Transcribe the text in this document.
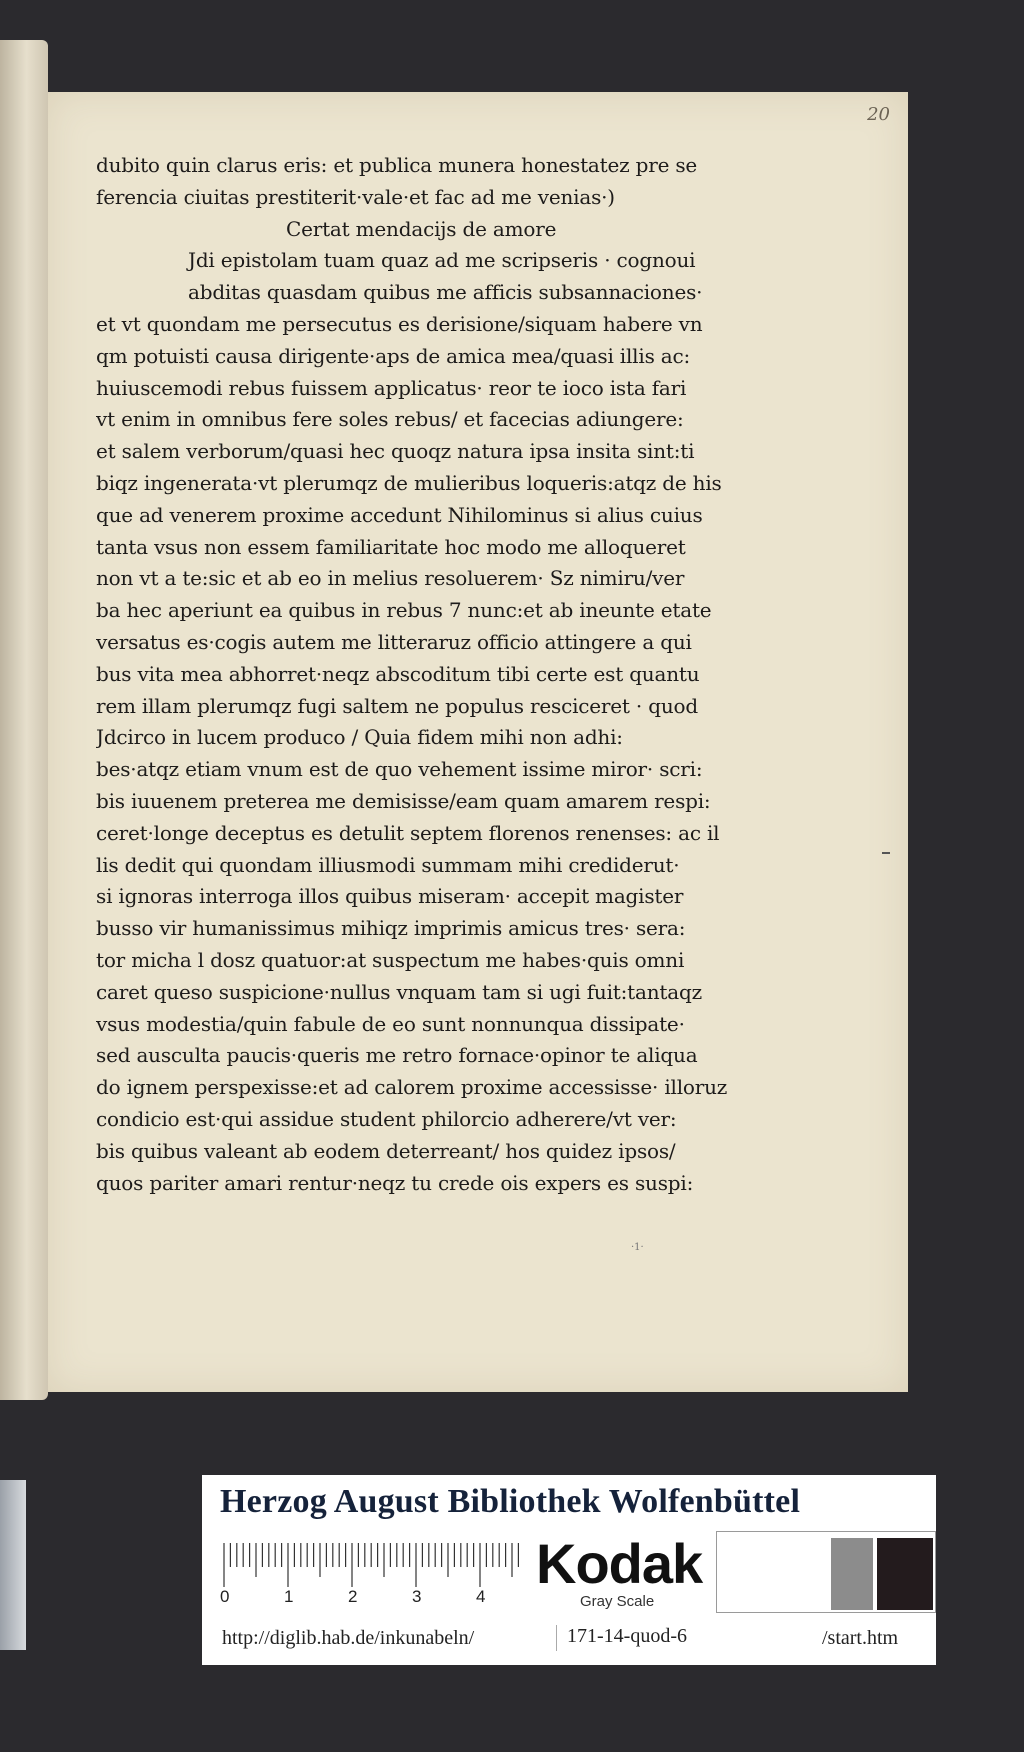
20
dubito quin clarus eris: et publica munera honestatez pre se
ferencia ciuitas prestiterit·vale·et fac ad me venias·)
Certat mendacijs de amore
Jdi epistolam tuam quaz ad me scripseris · cognoui
abditas quasdam quibus me afficis subsannaciones·
et vt quondam me persecutus es derisione/siquam habere vn
qm potuisti causa dirigente·aps de amica mea/quasi illis ac:
huiuscemodi rebus fuissem applicatus· reor te ioco ista fari
vt enim in omnibus fere soles rebus/ et facecias adiungere:
et salem verborum/quasi hec quoqz natura ipsa insita sint:ti
biqz ingenerata·vt plerumqz de mulieribus loqueris:atqz de his
que ad venerem proxime accedunt Nihilominus si alius cuius
tanta vsus non essem familiaritate hoc modo me alloqueret
non vt a te:sic et ab eo in melius resoluerem· Sz nimiru/ver
ba hec aperiunt ea quibus in rebus 7 nunc:et ab ineunte etate
versatus es·cogis autem me litteraruz officio attingere a qui
bus vita mea abhorret·neqz abscoditum tibi certe est quantu
rem illam plerumqz fugi saltem ne populus resciceret · quod
Jdcirco in lucem produco / Quia fidem mihi non adhi:
bes·atqz etiam vnum est de quo vehement issime miror· scri:
bis iuuenem preterea me demisisse/eam quam amarem respi:
ceret·longe deceptus es detulit septem florenos renenses: ac il
lis dedit qui quondam illiusmodi summam mihi crediderut·
si ignoras interroga illos quibus miseram· accepit magister
busso vir humanissimus mihiqz imprimis amicus tres· sera:
tor micha l dosz quatuor:at suspectum me habes·quis omni
caret queso suspicione·nullus vnquam tam si ugi fuit:tantaqz
vsus modestia/quin fabule de eo sunt nonnunqua dissipate·
sed ausculta paucis·queris me retro fornace·opinor te aliqua
do ignem perspexisse:et ad calorem proxime accessisse· illoruz
condicio est·qui assidue student philorcio adherere/vt ver:
bis quibus valeant ab eodem deterreant/ hos quidez ipsos/
quos pariter amari rentur·neqz tu crede ois expers es suspi:
·1·
Herzog August Bibliothek Wolfenbüttel
0	1	2	3	4
Kodak
Gray Scale
http://diglib.hab.de/inkunabeln/	171-14-quod-6	/start.htm
